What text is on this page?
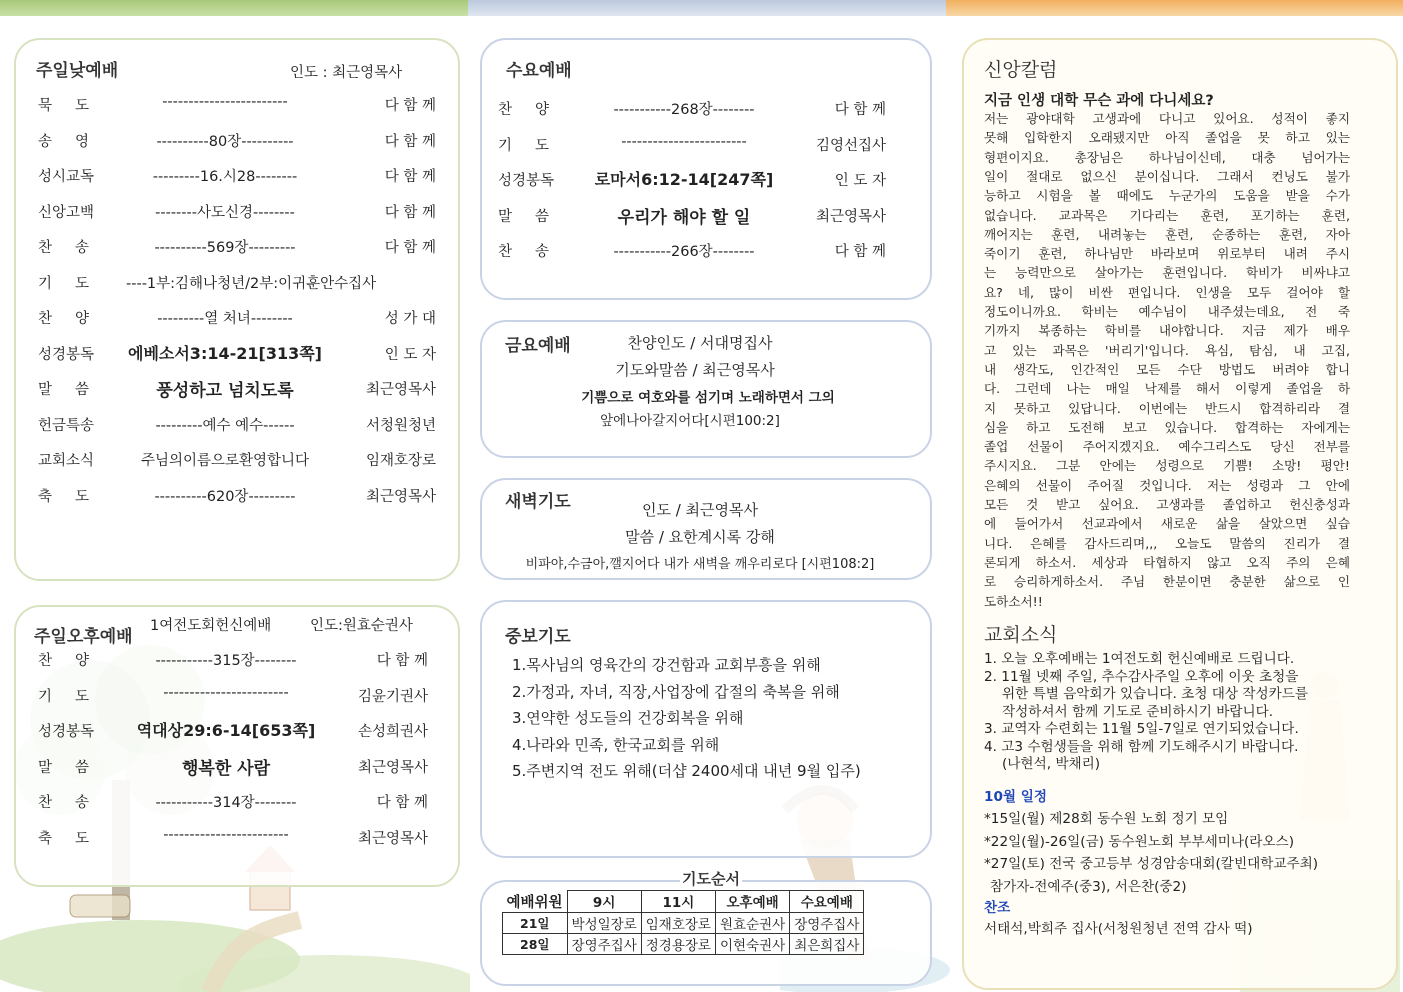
주일낮예배	인도 : 최근영목사
묵     도	------------------------	다 함 께
송     영	----------80장----------	다 함 께
성시교독	---------16.시28--------	다 함 께
신앙고백	--------사도신경--------	다 함 께
찬     송	----------569장---------	다 함 께
기     도	----1부:김해나청년/2부:이귀훈안수집사
찬     양	---------열 처녀--------	성 가 대
성경봉독	에베소서3:14-21[313쪽]	인 도 자
말     씀	풍성하고 넘치도록	최근영목사
헌금특송	---------예수 예수------	서청원청년
교회소식	주님의이름으로환영합니다	임재호장로
축     도	----------620장---------	최근영목사
주일오후예배
1여전도회헌신예배	인도:원효순권사
찬     양	-----------315장--------	다 함 께
기     도	------------------------	김윤기권사
성경봉독	역대상29:6-14[653쪽]	손성희권사
말     씀	행복한 사람	최근영목사
찬     송	-----------314장--------	다 함 께
축     도	------------------------	최근영목사
수요예배
찬     양	-----------268장--------	다 함 께
기     도	------------------------	김영선집사
성경봉독	로마서6:12-14[247쪽]	인 도 자
말     씀	우리가 해야 할 일	최근영목사
찬     송	-----------266장--------	다 함 께
금요예배	찬양인도 / 서대명집사
기도와말씀 / 최근영목사
기쁨으로 여호와를 섬기며 노래하면서 그의
앞에나아갈지어다[시편100:2]
새벽기도	인도 / 최근영목사
말씀 / 요한계시록 강해
비파야,수금아,깰지어다 내가 새벽을 깨우리로다 [시편108:2]
중보기도
1.목사님의 영육간의 강건함과 교회부흥을 위해
2.가정과, 자녀, 직장,사업장에 갑절의 축복을 위해
3.연약한 성도들의 건강회복을 위해
4.나라와 민족, 한국교회를 위해
5.주변지역 전도 위해(더샵 2400세대 내년 9월 입주)
기도순서
예배위원	9시	11시	오후예배	수요예배
21일	박성일장로	임재호장로	원효순권사	장영주집사
28일	장영주집사	정경용장로	이현숙권사	최은희집사
신앙칼럼
지금 인생 대학 무슨 과에 다니세요?
저는 광야대학 고생과에 다니고 있어요. 성적이 좋지
못해 입학한지 오래됐지만 아직 졸업을 못 하고 있는
형편이지요. 총장님은 하나님이신데, 대충 넘어가는
일이 절대로 없으신 분이십니다. 그래서 컨닝도 불가
능하고 시험을 볼 때에도 누군가의 도움을 받을 수가
없습니다. 교과목은 기다리는 훈련, 포기하는 훈련,
깨어지는 훈련, 내려놓는 훈련, 순종하는 훈련, 자아
죽이기 훈련, 하나님만 바라보며 위로부터 내려 주시
는 능력만으로 살아가는 훈련입니다. 학비가 비싸냐고
요? 네, 많이 비싼 편입니다. 인생을 모두 걸어야 할
정도이니까요. 학비는 예수님이 내주셨는데요, 전 죽
기까지 복종하는 학비를 내야합니다. 지금 제가 배우
고 있는 과목은 '버리기'입니다. 욕심, 탐심, 내 고집,
내 생각도, 인간적인 모든 수단 방법도 버려야 합니
다. 그런데 나는 매일 낙제를 해서 이렇게 졸업을 하
지 못하고 있답니다. 이번에는 반드시 합격하리라 결
심을 하고 도전해 보고 있습니다. 합격하는 자에게는
졸업 선물이 주어지겠지요. 예수그리스도 당신 전부를
주시지요. 그분 안에는 성령으로 기쁨! 소망! 평안!
은혜의 선물이 주어질 것입니다. 저는 성령과 그 안에
모든 것 받고 싶어요. 고생과를 졸업하고 헌신충성과
에 들어가서 선교과에서 새로운 삶을 살았으면 싶습
니다. 은혜를 감사드리며,,, 오늘도 말씀의 진리가 결
론되게 하소서. 세상과 타협하지 않고 오직 주의 은혜
로 승리하게하소서. 주님 한분이면 충분한 삶으로 인
도하소서!!
교회소식
1. 오늘 오후예배는 1여전도회 헌신예배로 드립니다.
2. 11월 넷째 주일, 추수감사주일 오후에 이웃 초청을
위한 특별 음악회가 있습니다. 초청 대상 작성카드를
작성하셔서 함께 기도로 준비하시기 바랍니다.
3. 교역자 수련회는 11월 5일-7일로 연기되었습니다.
4. 고3 수험생들을 위해 함께 기도해주시기 바랍니다.
(나현석, 박채리)
10월 일정
*15일(월) 제28회 동수원 노회 정기 모임
*22일(월)-26일(금) 동수원노회 부부세미나(라오스)
*27일(토) 전국 중고등부 성경암송대회(칼빈대학교주최)
참가자-전예주(중3), 서은찬(중2)
찬조
서태석,박희주 집사(서청원청년 전역 감사 떡)
